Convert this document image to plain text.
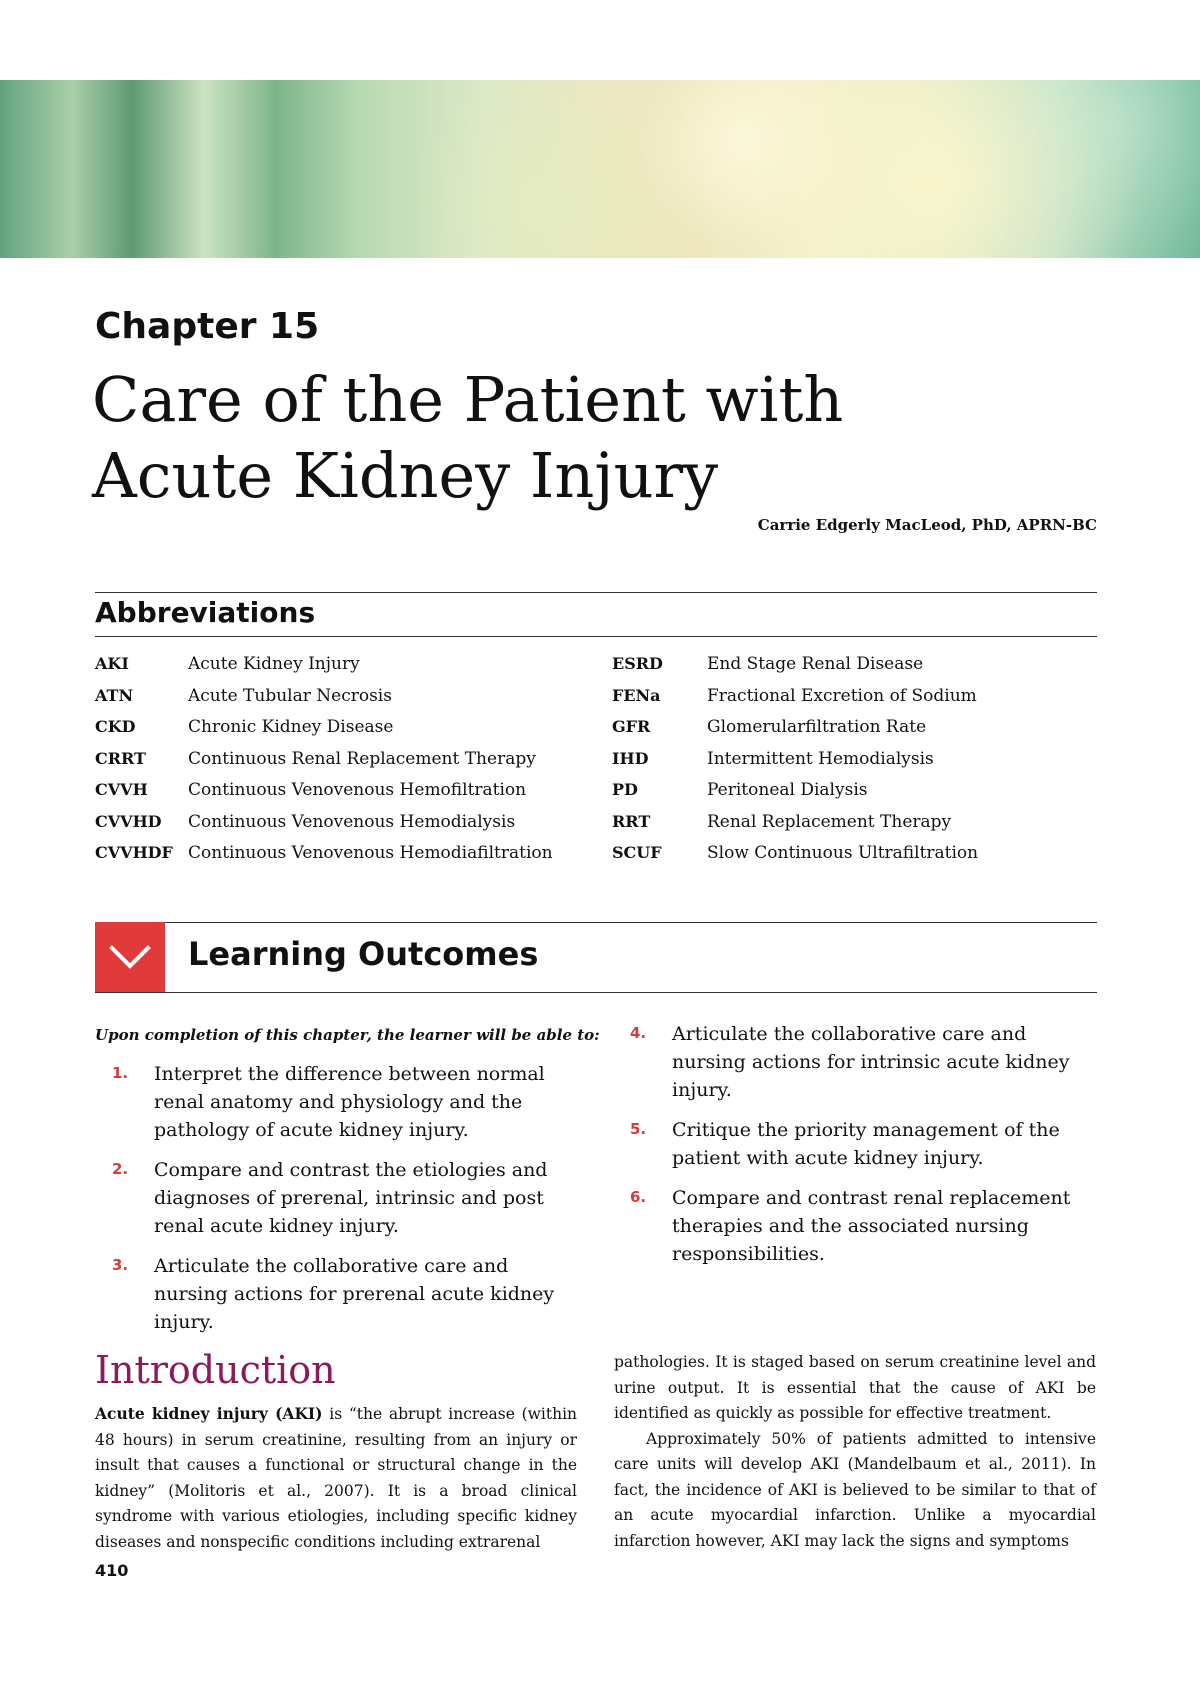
Chapter 15
Care of the Patient with
Acute Kidney Injury

Carrie Edgerly MacLeod, PhD, APRN-BC

Abbreviations
AKI	Acute Kidney Injury
ATN	Acute Tubular Necrosis
CKD	Chronic Kidney Disease
CRRT	Continuous Renal Replacement Therapy
CVVH	Continuous Venovenous Hemofiltration
CVVHD	Continuous Venovenous Hemodialysis
CVVHDF Continuous Venovenous Hemodiafiltration
ESRD	End Stage Renal Disease
FENa	Fractional Excretion of Sodium
GFR	Glomerularfiltration Rate
IHD	Intermittent Hemodialysis
PD	Peritoneal Dialysis
RRT	Renal Replacement Therapy
SCUF	Slow Continuous Ultrafiltration
Learning Outcomes

Upon completion of this chapter, the learner will be able to:

1.	Interpret the difference between normal renal anatomy and physiology and the pathology of acute kidney injury.
2.	Compare and contrast the etiologies and diagnoses of prerenal, intrinsic and post renal acute kidney injury.
3.	Articulate the collaborative care and nursing actions for prerenal acute kidney injury.
4.	Articulate the collaborative care and nursing actions for intrinsic acute kidney injury.
5.	Critique the priority management of the patient with acute kidney injury.
6.	Compare and contrast renal replacement therapies and the associated nursing responsibilities.
Introduction

Acute kidney injury (AKI) is “the abrupt increase (within 48 hours) in serum creatinine, resulting from an injury or insult that causes a functional or structural change in the kidney” (Molitoris et al., 2007). It is a broad clinical syndrome with various etiologies, including specific kidney diseases and nonspecific conditions including extrarenal

pathologies. It is staged based on serum creatinine level and urine output. It is essential that the cause of AKI be identified as quickly as possible for effective treatment.

Approximately 50% of patients admitted to intensive care units will develop AKI (Mandelbaum et al., 2011). In fact, the incidence of AKI is believed to be similar to that of an acute myocardial infarction. Unlike a myocardial infarction however, AKI may lack the signs and symptoms

410
